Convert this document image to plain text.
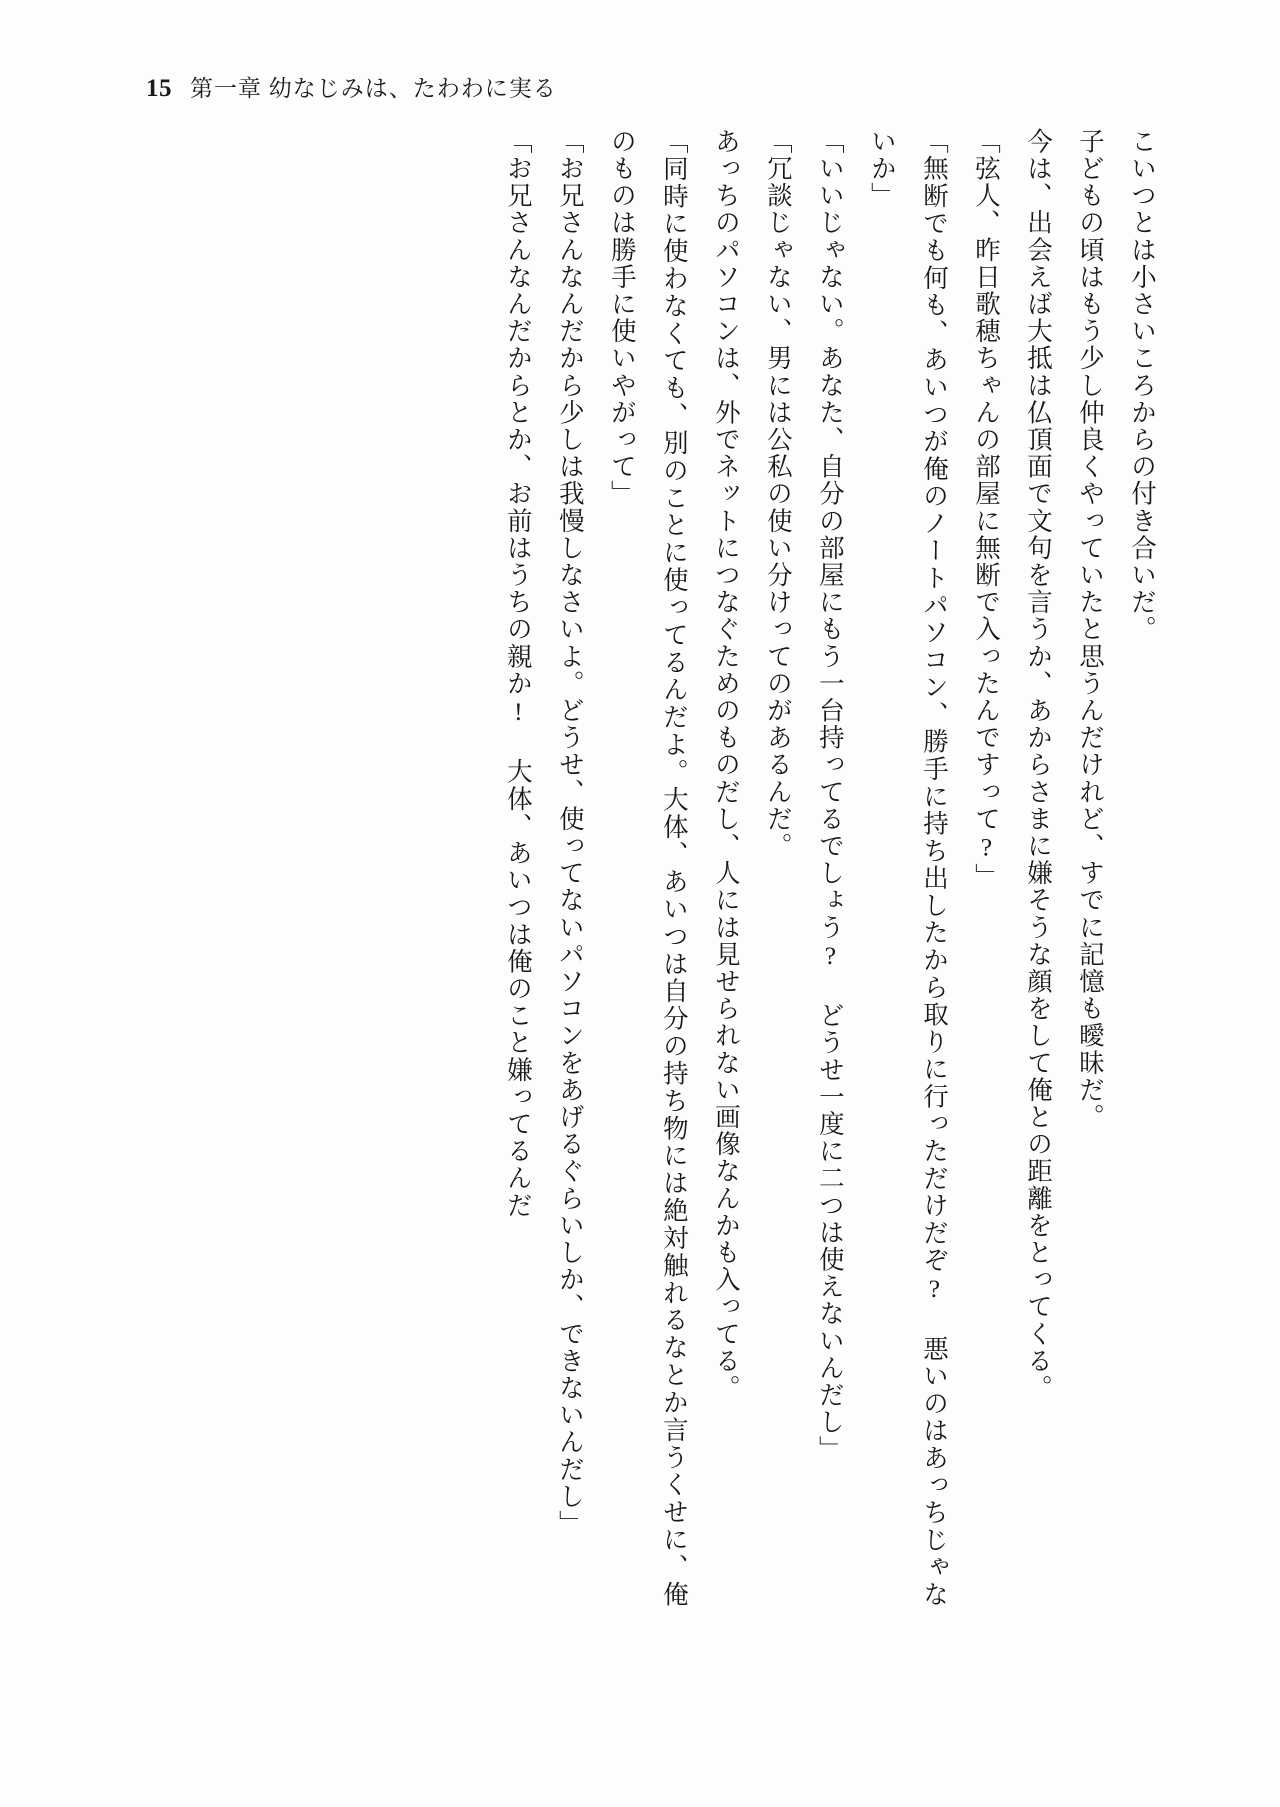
15 第一章 幼なじみは、たわわに実る

こいつとは小さいころからの付き合いだ。

子どもの頃はもう少し仲良くやっていたと思うんだけれど、すでに記憶も曖昧だ。

今は、出会えば大抵は仏頂面で文句を言うか、あからさまに嫌そうな顔をして俺との距離をとってくる。

「弦人、昨日歌穂ちゃんの部屋に無断で入ったんですって?」

「無断でも何も、あいつが俺のノートパソコン、勝手に持ち出したから取りに行っただけだぞ? 悪いのはあっちじゃないか」

「いいじゃない。あなた、自分の部屋にもう一台持ってるでしょう? どうせ一度に二つは使えないんだし」

「冗談じゃない、男には公私の使い分けってのがあるんだ。

あっちのパソコンは、外でネットにつなぐためのものだし、人には見せられない画像なんかも入ってる。

「同時に使わなくても、別のことに使ってるんだよ。大体、あいつは自分の持ち物には絶対触れるなとか言うくせに、俺のものは勝手に使いやがって」

「お兄さんなんだから少しは我慢しなさいよ。どうせ、使ってないパソコンをあげるぐらいしか、できないんだし」

「お兄さんなんだからとか、お前はうちの親か! 大体、あいつは俺のこと嫌ってるんだ
